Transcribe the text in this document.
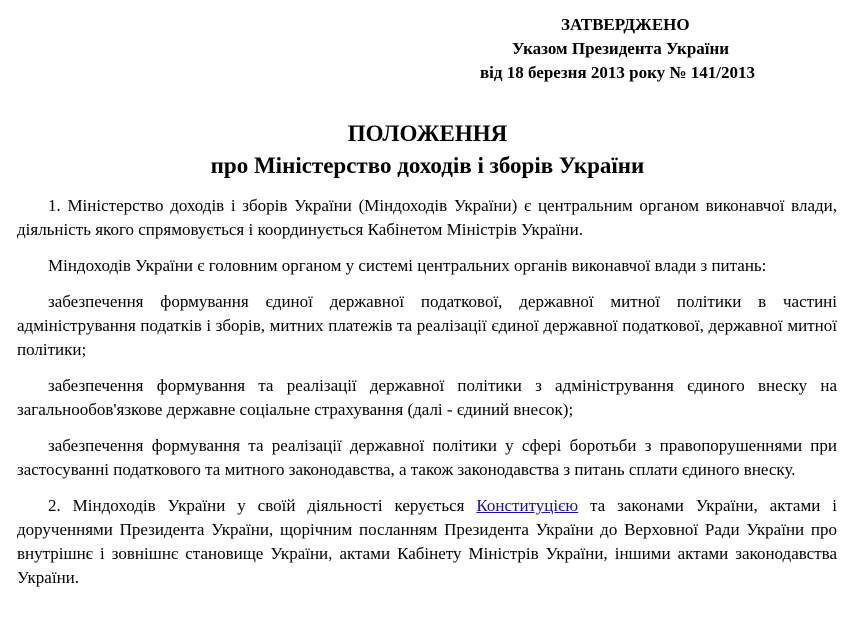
ЗАТВЕРДЖЕНО
Указом Президента України
від 18 березня 2013 року № 141/2013
ПОЛОЖЕННЯ
про Міністерство доходів і зборів України

1. Міністерство доходів і зборів України (Міндоходів України) є центральним органом виконавчої влади, діяльність якого спрямовується і координується Кабінетом Міністрів України.

Міндоходів України є головним органом у системі центральних органів виконавчої влади з питань:

забезпечення формування єдиної державної податкової, державної митної політики в частині адміністрування податків і зборів, митних платежів та реалізації єдиної державної податкової, державної митної політики;

забезпечення формування та реалізації державної політики з адміністрування єдиного внеску на загальнообов'язкове державне соціальне страхування (далі - єдиний внесок);

забезпечення формування та реалізації державної політики у сфері боротьби з правопорушеннями при застосуванні податкового та митного законодавства, а також законодавства з питань сплати єдиного внеску.

2. Міндоходів України у своїй діяльності керується Конституцією та законами України, актами і дорученнями Президента України, щорічним посланням Президента України до Верховної Ради України про внутрішнє і зовнішнє становище України, актами Кабінету Міністрів України, іншими актами законодавства України.
